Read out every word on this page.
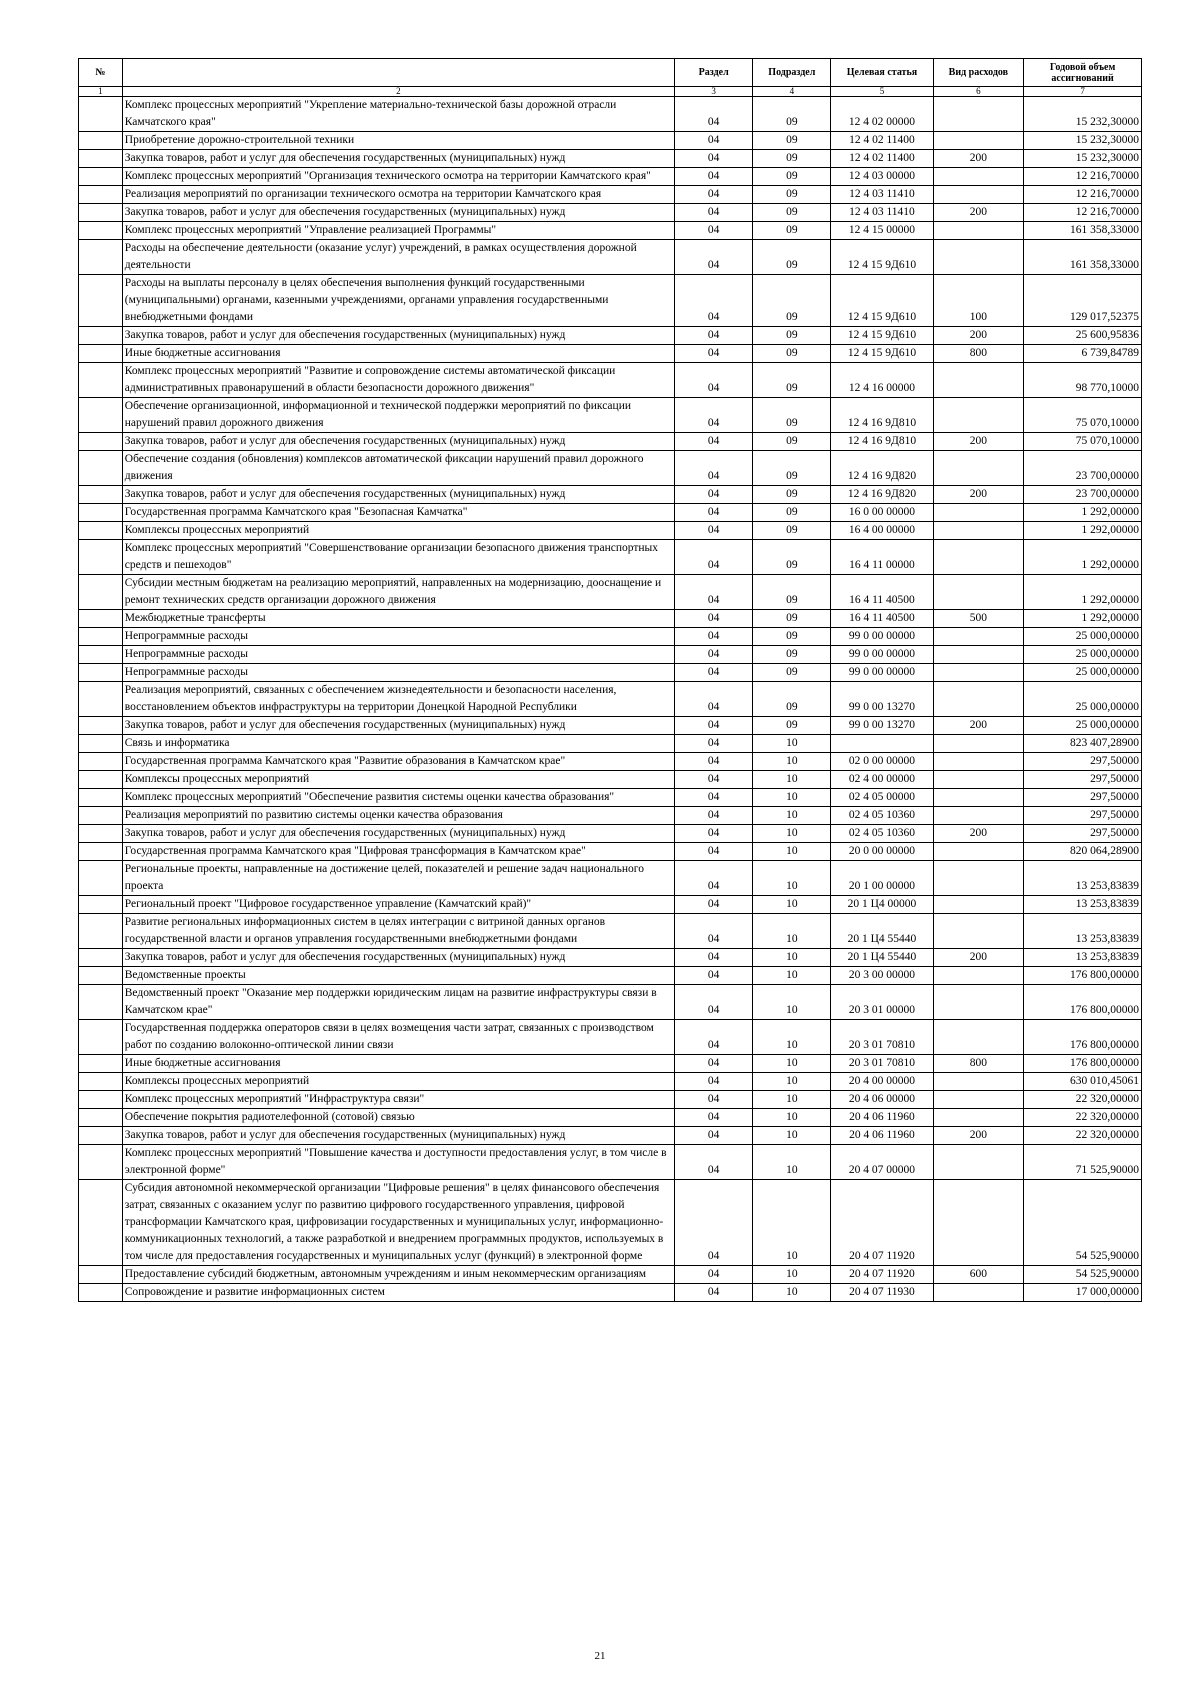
№		Раздел	Подраздел	Целевая статья	Вид расходов	Годовой объем ассигнований
1	2	3	4	5	6	7
	Комплекс процессных мероприятий "Укрепление материально-технической базы дорожной отрасли Камчатского края"	04	09	12 4 02 00000		15 232,30000
	Приобретение дорожно-строительной техники	04	09	12 4 02 11400		15 232,30000
	Закупка товаров, работ и услуг для обеспечения государственных (муниципальных) нужд	04	09	12 4 02 11400	200	15 232,30000
	Комплекс процессных мероприятий "Организация технического осмотра на территории Камчатского края"	04	09	12 4 03 00000		12 216,70000
	Реализация мероприятий по организации технического осмотра на территории Камчатского края	04	09	12 4 03 11410		12 216,70000
	Закупка товаров, работ и услуг для обеспечения государственных (муниципальных) нужд	04	09	12 4 03 11410	200	12 216,70000
	Комплекс процессных мероприятий "Управление реализацией Программы"	04	09	12 4 15 00000		161 358,33000
	Расходы на обеспечение деятельности (оказание услуг) учреждений, в рамках осуществления дорожной деятельности	04	09	12 4 15 9Д610		161 358,33000
	Расходы на выплаты персоналу в целях обеспечения выполнения функций государственными (муниципальными) органами, казенными учреждениями, органами управления государственными внебюджетными фондами	04	09	12 4 15 9Д610	100	129 017,52375
	Закупка товаров, работ и услуг для обеспечения государственных (муниципальных) нужд	04	09	12 4 15 9Д610	200	25 600,95836
	Иные бюджетные ассигнования	04	09	12 4 15 9Д610	800	6 739,84789
	Комплекс процессных мероприятий "Развитие и сопровождение системы автоматической фиксации административных правонарушений в области безопасности дорожного движения"	04	09	12 4 16 00000		98 770,10000
	Обеспечение организационной, информационной и технической поддержки мероприятий по фиксации нарушений правил дорожного движения	04	09	12 4 16 9Д810		75 070,10000
	Закупка товаров, работ и услуг для обеспечения государственных (муниципальных) нужд	04	09	12 4 16 9Д810	200	75 070,10000
	Обеспечение создания (обновления) комплексов автоматической фиксации нарушений правил дорожного движения	04	09	12 4 16 9Д820		23 700,00000
	Закупка товаров, работ и услуг для обеспечения государственных (муниципальных) нужд	04	09	12 4 16 9Д820	200	23 700,00000
	Государственная программа Камчатского края "Безопасная Камчатка"	04	09	16 0 00 00000		1 292,00000
	Комплексы процессных мероприятий	04	09	16 4 00 00000		1 292,00000
	Комплекс процессных мероприятий "Совершенствование организации безопасного движения транспортных средств и пешеходов"	04	09	16 4 11 00000		1 292,00000
	Субсидии местным бюджетам на реализацию мероприятий, направленных на модернизацию, дооснащение и ремонт технических средств организации дорожного движения	04	09	16 4 11 40500		1 292,00000
	Межбюджетные трансферты	04	09	16 4 11 40500	500	1 292,00000
	Непрограммные расходы	04	09	99 0 00 00000		25 000,00000
	Непрограммные расходы	04	09	99 0 00 00000		25 000,00000
	Непрограммные расходы	04	09	99 0 00 00000		25 000,00000
	Реализация мероприятий, связанных с обеспечением жизнедеятельности и безопасности населения, восстановлением объектов инфраструктуры на территории Донецкой Народной Республики	04	09	99 0 00 13270		25 000,00000
	Закупка товаров, работ и услуг для обеспечения государственных (муниципальных) нужд	04	09	99 0 00 13270	200	25 000,00000
	Связь и информатика	04	10			823 407,28900
	Государственная программа Камчатского края "Развитие образования в Камчатском крае"	04	10	02 0 00 00000		297,50000
	Комплексы процессных мероприятий	04	10	02 4 00 00000		297,50000
	Комплекс процессных мероприятий "Обеспечение развития системы оценки качества образования"	04	10	02 4 05 00000		297,50000
	Реализация мероприятий по развитию системы оценки качества образования	04	10	02 4 05 10360		297,50000
	Закупка товаров, работ и услуг для обеспечения государственных (муниципальных) нужд	04	10	02 4 05 10360	200	297,50000
	Государственная программа Камчатского края "Цифровая трансформация в Камчатском крае"	04	10	20 0 00 00000		820 064,28900
	Региональные проекты, направленные на достижение целей, показателей и решение задач национального проекта	04	10	20 1 00 00000		13 253,83839
	Региональный проект "Цифровое государственное управление (Камчатский край)"	04	10	20 1 Ц4 00000		13 253,83839
	Развитие региональных информационных систем в целях интеграции с витриной данных органов государственной власти и органов управления государственными внебюджетными фондами	04	10	20 1 Ц4 55440		13 253,83839
	Закупка товаров, работ и услуг для обеспечения государственных (муниципальных) нужд	04	10	20 1 Ц4 55440	200	13 253,83839
	Ведомственные проекты	04	10	20 3 00 00000		176 800,00000
	Ведомственный проект "Оказание мер поддержки юридическим лицам на развитие инфраструктуры связи в Камчатском крае"	04	10	20 3 01 00000		176 800,00000
	Государственная поддержка операторов связи в целях возмещения части затрат, связанных с производством работ по созданию волоконно-оптической линии связи	04	10	20 3 01 70810		176 800,00000
	Иные бюджетные ассигнования	04	10	20 3 01 70810	800	176 800,00000
	Комплексы процессных мероприятий	04	10	20 4 00 00000		630 010,45061
	Комплекс процессных мероприятий "Инфраструктура связи"	04	10	20 4 06 00000		22 320,00000
	Обеспечение покрытия радиотелефонной (сотовой) связью	04	10	20 4 06 11960		22 320,00000
	Закупка товаров, работ и услуг для обеспечения государственных (муниципальных) нужд	04	10	20 4 06 11960	200	22 320,00000
	Комплекс процессных мероприятий "Повышение качества и доступности предоставления услуг, в том числе в электронной форме"	04	10	20 4 07 00000		71 525,90000
	Субсидия автономной некоммерческой организации "Цифровые решения" в целях финансового обеспечения затрат, связанных с оказанием услуг по развитию цифрового государственного управления, цифровой трансформации Камчатского края, цифровизации государственных и муниципальных услуг, информационно-коммуникационных технологий, а также разработкой и внедрением программных продуктов, используемых в том числе для предоставления государственных и муниципальных услуг (функций) в электронной форме	04	10	20 4 07 11920		54 525,90000
	Предоставление субсидий бюджетным, автономным учреждениям и иным некоммерческим организациям	04	10	20 4 07 11920	600	54 525,90000
	Сопровождение и развитие информационных систем	04	10	20 4 07 11930		17 000,00000
21
